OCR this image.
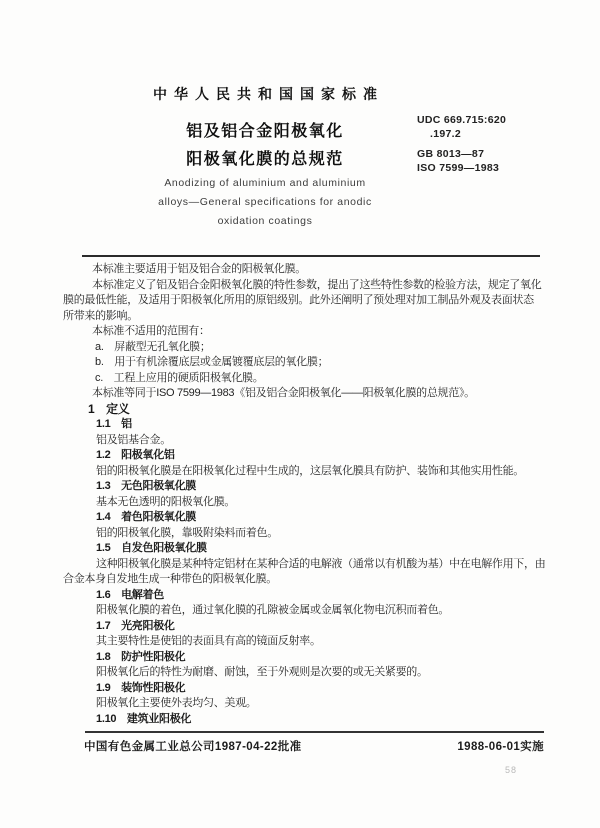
中华人民共和国国家标准
铝及铝合金阳极氧化
阳极氧化膜的总规范
Anodizing of aluminium and aluminium
alloys—General specifications for anodic
oxidation coatings
UDC 669.715:620
.197.2
GB 8013—87
ISO 7599—1983
本标准主要适用于铝及铝合金的阳极氧化膜。
本标准定义了铝及铝合金阳极氧化膜的特性参数，提出了这些特性参数的检验方法，规定了氧化
膜的最低性能，及适用于阳极氧化所用的原铝级别。此外还阐明了预处理对加工制品外观及表面状态
所带来的影响。
本标准不适用的范围有：
a.　屏蔽型无孔氧化膜；
b.　用于有机涂覆底层或金属镀覆底层的氧化膜；
c.　工程上应用的硬质阳极氧化膜。
本标准等同于ISO 7599—1983《铝及铝合金阳极氧化——阳极氧化膜的总规范》。
1　定义
1.1　铝
铝及铝基合金。
1.2　阳极氧化铝
铝的阳极氧化膜是在阳极氧化过程中生成的，这层氧化膜具有防护、装饰和其他实用性能。
1.3　无色阳极氧化膜
基本无色透明的阳极氧化膜。
1.4　着色阳极氧化膜
铝的阳极氧化膜，靠吸附染料而着色。
1.5　自发色阳极氧化膜
这种阳极氧化膜是某种特定铝材在某种合适的电解液（通常以有机酸为基）中在电解作用下，由
合金本身自发地生成一种带色的阳极氧化膜。
1.6　电解着色
阳极氧化膜的着色，通过氧化膜的孔隙被金属或金属氧化物电沉积而着色。
1.7　光亮阳极化
其主要特性是使铝的表面具有高的镜面反射率。
1.8　防护性阳极化
阳极氧化后的特性为耐磨、耐蚀，至于外观则是次要的或无关紧要的。
1.9　装饰性阳极化
阳极氧化主要使外表均匀、美观。
1.10　建筑业阳极化
中国有色金属工业总公司1987-04-22批准	1988-06-01实施
58
